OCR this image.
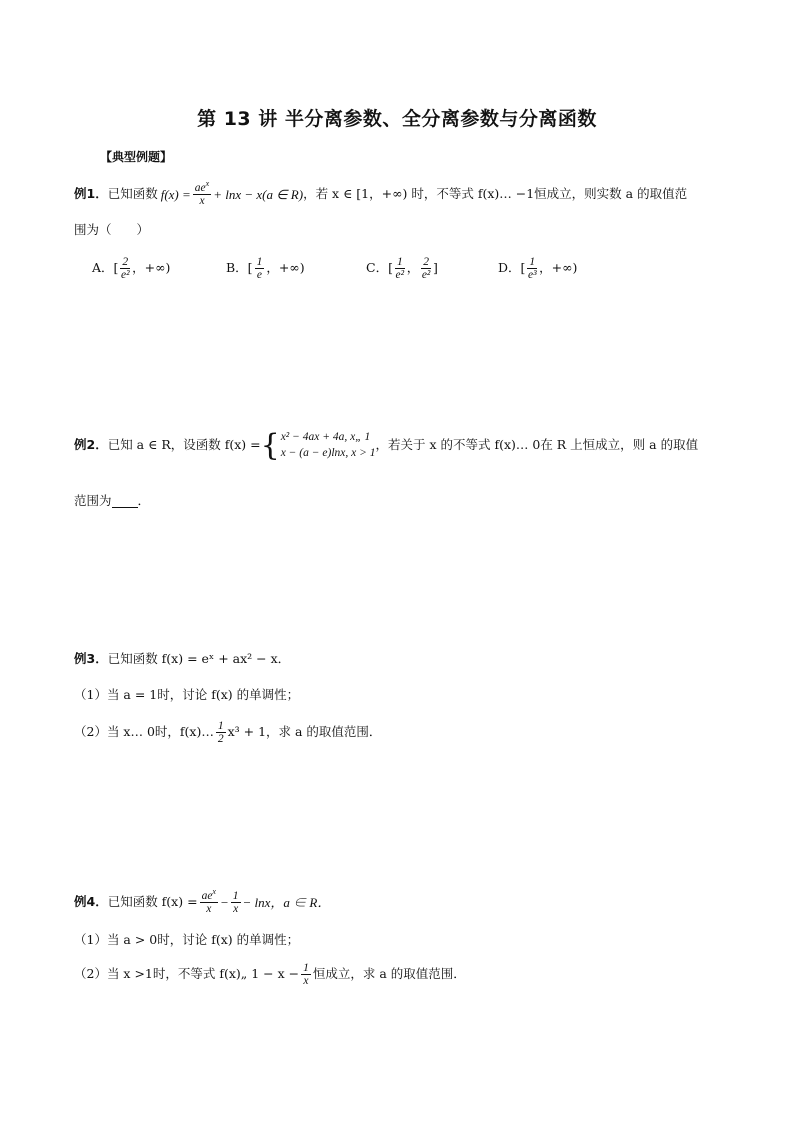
第 13 讲 半分离参数、全分离参数与分离函数
【典型例题】
例1． 已知函数 $f(x) = \frac{ae^x}{x} + \ln x - x(a$ ∈ R) ，若 x ∈ [1，+∞) 时，不等式 f(x)… −1恒成立，则实数 a 的取值范
围为（　　）
A．[ $\frac{2}{\text{e²}}$ ，+∞)	B．[ $\frac{1}{e}$ ，+∞)	C．[ $\frac{1}{\text{e²}}$ ， $\frac{2}{\text{e²}}$ ]	D．[ $\frac{1}{\text{e³}}$ ，+∞)
例2． 已知 a ∈ R，设函数 f(x) = { x² − 4ax + 4a, x„ 1
x − (a − e)lnx, x > 1
，若关于 x 的不等式 f(x)… 0在 R 上恒成立，则 a 的取值
范围为 ．
例3．已知函数 f(x) = eˣ + ax² − x．
（1）当 a = 1时，讨论 f(x) 的单调性；
（2）当 x… 0时，f(x)… $\frac{1}{2} x^3 + 1$，求 a 的取值范围．
例4． 已知函数 $f(x) = \frac{ae^x}{x} - \frac{1}{x} - \ln x$，a ∈ R．
（1）当 a > 0时，讨论 f(x) 的单调性；
（2）当 x >1时，不等式 f(x)„ $1 - x - \frac{1}{x}$ 恒成立，求 a 的取值范围．
